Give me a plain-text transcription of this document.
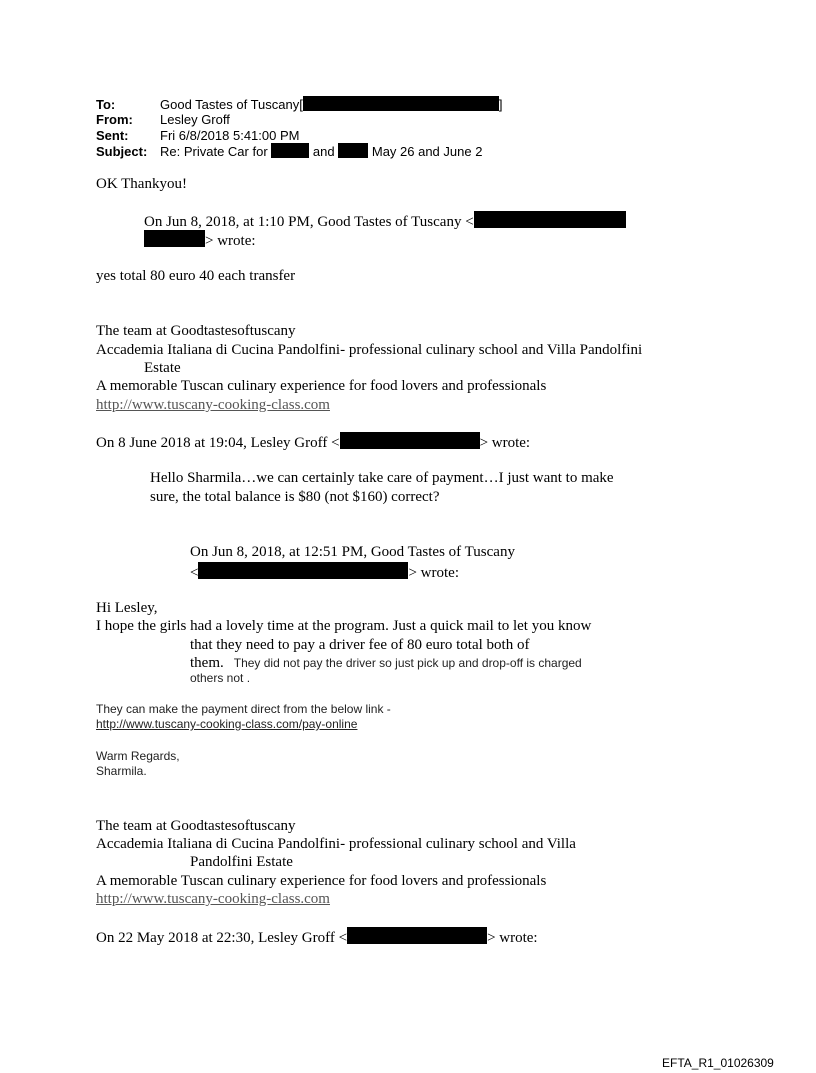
To:	Good Tastes of Tuscany[	]
From: Lesley Groff
Sent: Fri 6/8/2018 5:41:00 PM
Subject: Re: Private Car for	and	May 26 and June 2
OK Thankyou!
On Jun 8, 2018, at 1:10 PM, Good Tastes of Tuscany <
> wrote:
yes total 80 euro 40 each transfer
The team at Goodtastesoftuscany
Accademia Italiana di Cucina Pandolfini- professional culinary school and Villa Pandolfini
Estate
A memorable Tuscan culinary experience for food lovers and professionals
http://www.tuscany-cooking-class.com
On 8 June 2018 at 19:04, Lesley Groff <	> wrote:
Hello Sharmila…we can certainly take care of payment…I just want to make
sure, the total balance is $80 (not $160) correct?
On Jun 8, 2018, at 12:51 PM, Good Tastes of Tuscany
<	> wrote:
Hi Lesley,
I hope the girls had a lovely time at the program. Just a quick mail to let you know
that they need to pay a driver fee of 80 euro total both of
them. They did not pay the driver so just pick up and drop-off is charged
others not .
They can make the payment direct from the below link -
http://www.tuscany-cooking-class.com/pay-online
Warm Regards,
Sharmila.
The team at Goodtastesoftuscany
Accademia Italiana di Cucina Pandolfini- professional culinary school and Villa
Pandolfini Estate
A memorable Tuscan culinary experience for food lovers and professionals
http://www.tuscany-cooking-class.com
On 22 May 2018 at 22:30, Lesley Groff <	> wrote:
EFTA_R1_01026309
